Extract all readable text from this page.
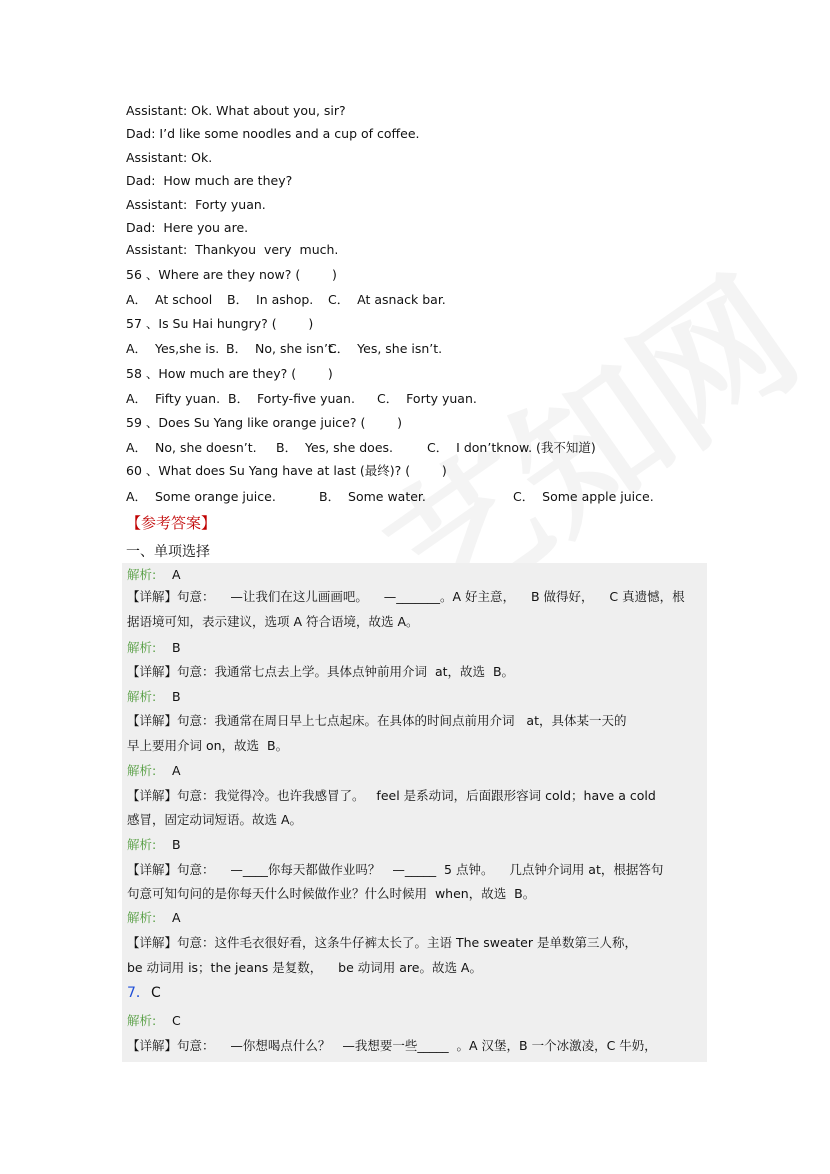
Assistant: Ok. What about you, sir?
Dad: I’d like some noodles and a cup of coffee.
Assistant: Ok.
Dad:  How much are they?
Assistant:  Forty yuan.
Dad:  Here you are.
Assistant:  Thankyou  very  much.
56 、Where are they now? (        )
A．  At school B．  In ashop. C．  At asnack bar.
57 、Is Su Hai hungry? (        )
A．  Yes,she is. B．  No, she isn’t.
C．  Yes, she isn’t.
58 、How much are they? (        )
A．  Fifty yuan. B．  Forty-five yuan. C．  Forty yuan.
59 、Does Su Yang like orange juice? (        )
A．  No, she doesn’t. B．  Yes, she does.	C．  I don’tknow. (我不知道)
60 、What does Su Yang have at last (最终)? (        )
A．  Some orange juice.	B．  Some water.	C．  Some apple juice.
【参考答案】
一、单项选择
解析: A
【详解】句意：    —让我们在这儿画画吧。    —_______。A 好主意，    B 做得好，    C 真遗憾，根
据语境可知，表示建议，选项 A 符合语境，故选 A。
解析: B
【详解】句意：我通常七点去上学。具体点钟前用介词  at，故选  B。
解析: B
【详解】句意：我通常在周日早上七点起床。在具体的时间点前用介词   at，具体某一天的
早上要用介词 on，故选  B。
解析: A
【详解】句意：我觉得冷。也许我感冒了。   feel 是系动词，后面跟形容词 cold；have a cold
感冒，固定动词短语。故选 A。
解析: B
【详解】句意：    —____你每天都做作业吗？   —_____  5 点钟。    几点钟介词用 at，根据答句
句意可知句问的是你每天什么时候做作业？什么时候用  when，故选  B。
解析: A
【详解】句意：这件毛衣很好看，这条牛仔裤太长了。主语 The sweater 是单数第三人称，
be 动词用 is；the jeans 是复数，    be 动词用 are。故选 A。
7． C
解析: C
【详解】句意：    —你想喝点什么？   —我想要一些_____  。A 汉堡，B 一个冰激凌，C 牛奶，
